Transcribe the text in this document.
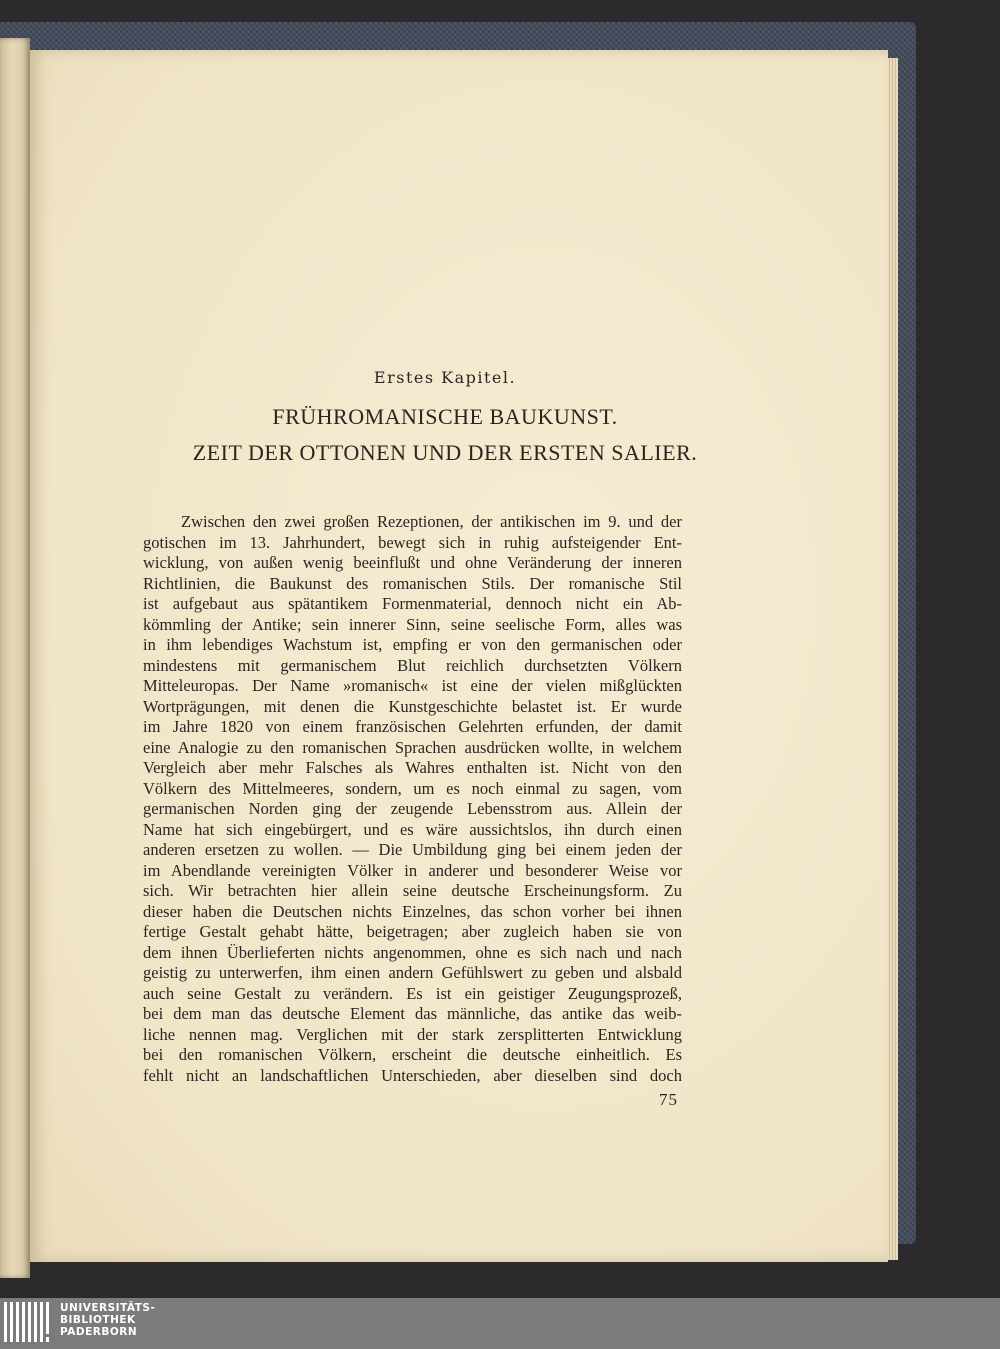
Erstes Kapitel.
FRÜHROMANISCHE BAUKUNST.
ZEIT DER OTTONEN UND DER ERSTEN SALIER.
Zwischen den zwei großen Rezeptionen, der antikischen im 9. und der
gotischen im 13. Jahrhundert, bewegt sich in ruhig aufsteigender Ent-
wicklung, von außen wenig beeinflußt und ohne Veränderung der inneren
Richtlinien, die Baukunst des romanischen Stils. Der romanische Stil
ist aufgebaut aus spätantikem Formenmaterial, dennoch nicht ein Ab-
kömmling der Antike; sein innerer Sinn, seine seelische Form, alles was
in ihm lebendiges Wachstum ist, empfing er von den germanischen oder
mindestens mit germanischem Blut reichlich durchsetzten Völkern
Mitteleuropas. Der Name »romanisch« ist eine der vielen mißglückten
Wortprägungen, mit denen die Kunstgeschichte belastet ist. Er wurde
im Jahre 1820 von einem französischen Gelehrten erfunden, der damit
eine Analogie zu den romanischen Sprachen ausdrücken wollte, in welchem
Vergleich aber mehr Falsches als Wahres enthalten ist. Nicht von den
Völkern des Mittelmeeres, sondern, um es noch einmal zu sagen, vom
germanischen Norden ging der zeugende Lebensstrom aus. Allein der
Name hat sich eingebürgert, und es wäre aussichtslos, ihn durch einen
anderen ersetzen zu wollen. — Die Umbildung ging bei einem jeden der
im Abendlande vereinigten Völker in anderer und besonderer Weise vor
sich. Wir betrachten hier allein seine deutsche Erscheinungsform. Zu
dieser haben die Deutschen nichts Einzelnes, das schon vorher bei ihnen
fertige Gestalt gehabt hätte, beigetragen; aber zugleich haben sie von
dem ihnen Überlieferten nichts angenommen, ohne es sich nach und nach
geistig zu unterwerfen, ihm einen andern Gefühlswert zu geben und alsbald
auch seine Gestalt zu verändern. Es ist ein geistiger Zeugungsprozeß,
bei dem man das deutsche Element das männliche, das antike das weib-
liche nennen mag. Verglichen mit der stark zersplitterten Entwicklung
bei den romanischen Völkern, erscheint die deutsche einheitlich. Es
fehlt nicht an landschaftlichen Unterschieden, aber dieselben sind doch
75
UNIVERSITÄTS-
BIBLIOTHEK
PADERBORN
